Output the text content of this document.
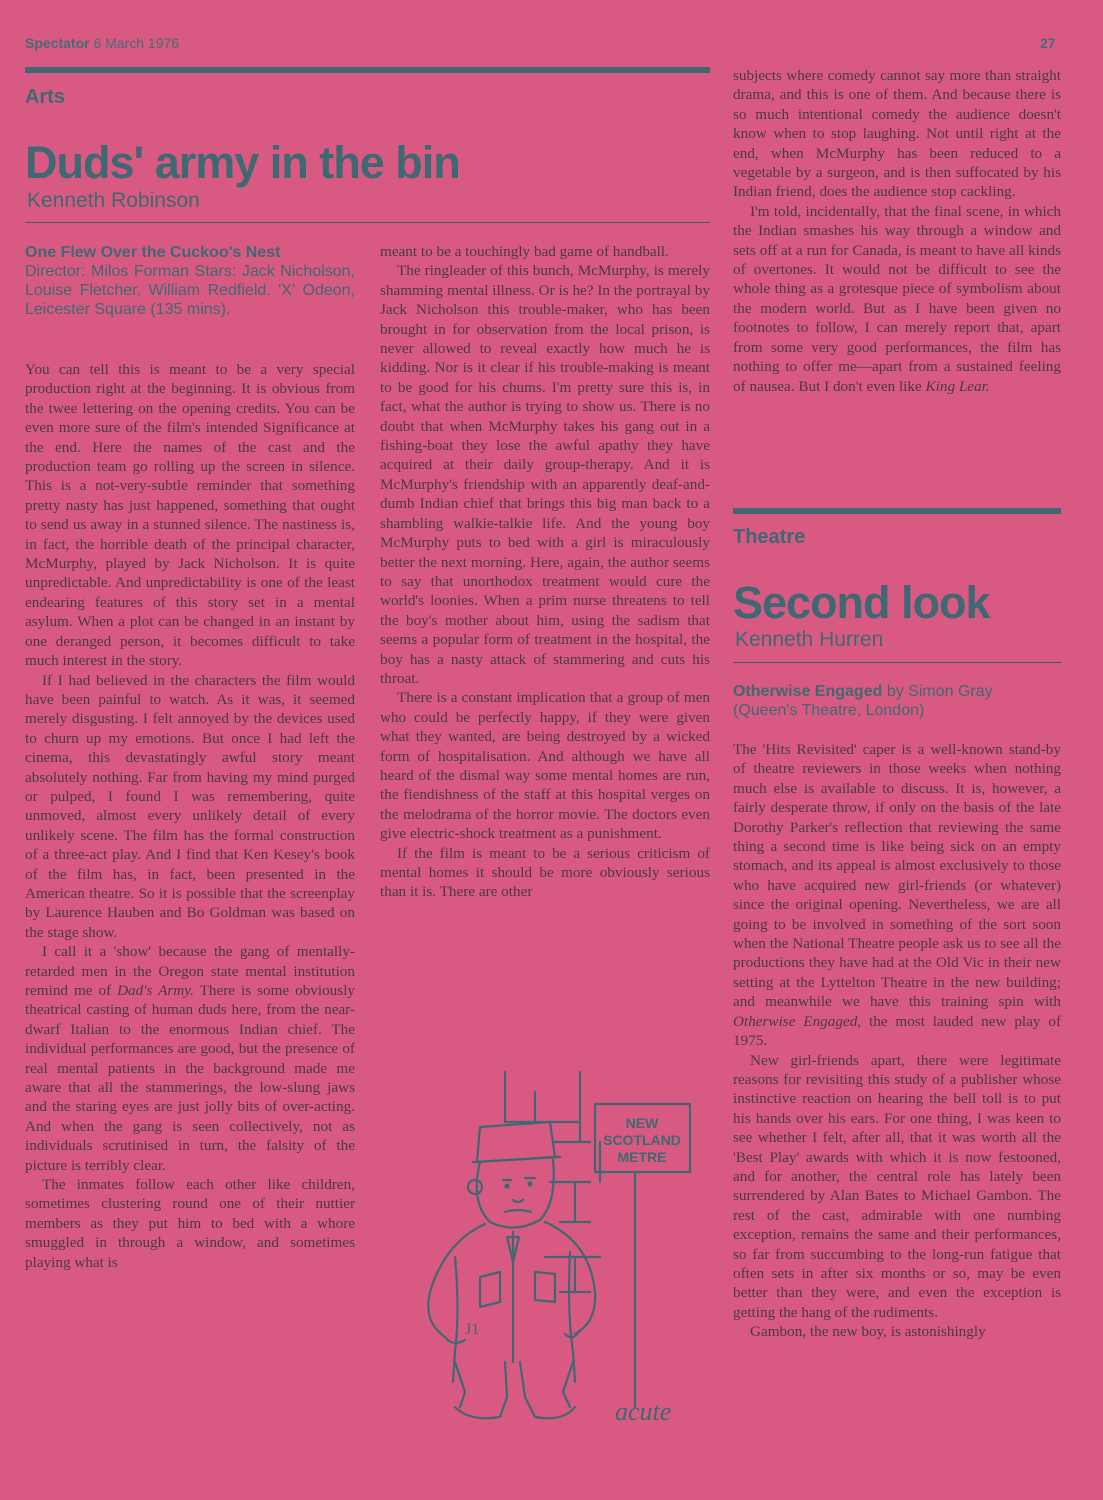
Spectator 6 March 1976	27
Arts
Duds' army in the bin
Kenneth Robinson
One Flew Over the Cuckoo's Nest
Director: Milos Forman Stars: Jack Nicholson, Louise Fletcher, William Redfield. 'X' Odeon, Leicester Square (135 mins).

You can tell this is meant to be a very special production right at the beginning. It is obvious from the twee lettering on the opening credits. You can be even more sure of the film's intended Significance at the end. Here the names of the cast and the production team go rolling up the screen in silence. This is a not-very-subtle reminder that something pretty nasty has just happened, something that ought to send us away in a stunned silence. The nastiness is, in fact, the horrible death of the principal character, McMurphy, played by Jack Nicholson. It is quite unpredictable. And unpredictability is one of the least endearing features of this story set in a mental asylum. When a plot can be changed in an instant by one deranged person, it becomes difficult to take much interest in the story.

If I had believed in the characters the film would have been painful to watch. As it was, it seemed merely disgusting. I felt annoyed by the devices used to churn up my emotions. But once I had left the cinema, this devastatingly awful story meant absolutely nothing. Far from having my mind purged or pulped, I found I was remembering, quite unmoved, almost every unlikely detail of every unlikely scene. The film has the formal construction of a three-act play. And I find that Ken Kesey's book of the film has, in fact, been presented in the American theatre. So it is possible that the screenplay by Laurence Hauben and Bo Goldman was based on the stage show.

I call it a 'show' because the gang of mentally-retarded men in the Oregon state mental institution remind me of Dad's Army. There is some obviously theatrical casting of human duds here, from the near-dwarf Italian to the enormous Indian chief. The individual performances are good, but the presence of real mental patients in the background made me aware that all the stammerings, the low-slung jaws and the staring eyes are just jolly bits of over-acting. And when the gang is seen collectively, not as individuals scrutinised in turn, the falsity of the picture is terribly clear.

The inmates follow each other like children, sometimes clustering round one of their nuttier members as they put him to bed with a whore smuggled in through a window, and sometimes playing what is

meant to be a touchingly bad game of handball.

The ringleader of this bunch, McMurphy, is merely shamming mental illness. Or is he? In the portrayal by Jack Nicholson this trouble-maker, who has been brought in for observation from the local prison, is never allowed to reveal exactly how much he is kidding. Nor is it clear if his trouble-making is meant to be good for his chums. I'm pretty sure this is, in fact, what the author is trying to show us. There is no doubt that when McMurphy takes his gang out in a fishing-boat they lose the awful apathy they have acquired at their daily group-therapy. And it is McMurphy's friendship with an apparently deaf-and-dumb Indian chief that brings this big man back to a shambling walkie-talkie life. And the young boy McMurphy puts to bed with a girl is miraculously better the next morning. Here, again, the author seems to say that unorthodox treatment would cure the world's loonies. When a prim nurse threatens to tell the boy's mother about him, using the sadism that seems a popular form of treatment in the hospital, the boy has a nasty attack of stammering and cuts his throat.

There is a constant implication that a group of men who could be perfectly happy, if they were given what they wanted, are being destroyed by a wicked form of hospitalisation. And although we have all heard of the dismal way some mental homes are run, the fiendishness of the staff at this hospital verges on the melodrama of the horror movie. The doctors even give electric-shock treatment as a punishment.

If the film is meant to be a serious criticism of mental homes it should be more obviously serious than it is. There are other

subjects where comedy cannot say more than straight drama, and this is one of them. And because there is so much intentional comedy the audience doesn't know when to stop laughing. Not until right at the end, when McMurphy has been reduced to a vegetable by a surgeon, and is then suffocated by his Indian friend, does the audience stop cackling.

I'm told, incidentally, that the final scene, in which the Indian smashes his way through a window and sets off at a run for Canada, is meant to have all kinds of overtones. It would not be difficult to see the whole thing as a grotesque piece of symbolism about the modern world. But as I have been given no footnotes to follow, I can merely report that, apart from some very good performances, the film has nothing to offer me—apart from a sustained feeling of nausea. But I don't even like King Lear.

NEW
SCOTLAND
METRE
J1
acute
Theatre
Second look
Kenneth Hurren
Otherwise Engaged by Simon Gray (Queen's Theatre, London)

The 'Hits Revisited' caper is a well-known stand-by of theatre reviewers in those weeks when nothing much else is available to discuss. It is, however, a fairly desperate throw, if only on the basis of the late Dorothy Parker's reflection that reviewing the same thing a second time is like being sick on an empty stomach, and its appeal is almost exclusively to those who have acquired new girl-friends (or whatever) since the original opening. Nevertheless, we are all going to be involved in something of the sort soon when the National Theatre people ask us to see all the productions they have had at the Old Vic in their new setting at the Lyttelton Theatre in the new building; and meanwhile we have this training spin with Otherwise Engaged, the most lauded new play of 1975.

New girl-friends apart, there were legitimate reasons for revisiting this study of a publisher whose instinctive reaction on hearing the bell toll is to put his hands over his ears. For one thing, I was keen to see whether I felt, after all, that it was worth all the 'Best Play' awards with which it is now festooned, and for another, the central role has lately been surrendered by Alan Bates to Michael Gambon. The rest of the cast, admirable with one numbing exception, remains the same and their performances, so far from succumbing to the long-run fatigue that often sets in after six months or so, may be even better than they were, and even the exception is getting the hang of the rudiments.

Gambon, the new boy, is astonishingly
